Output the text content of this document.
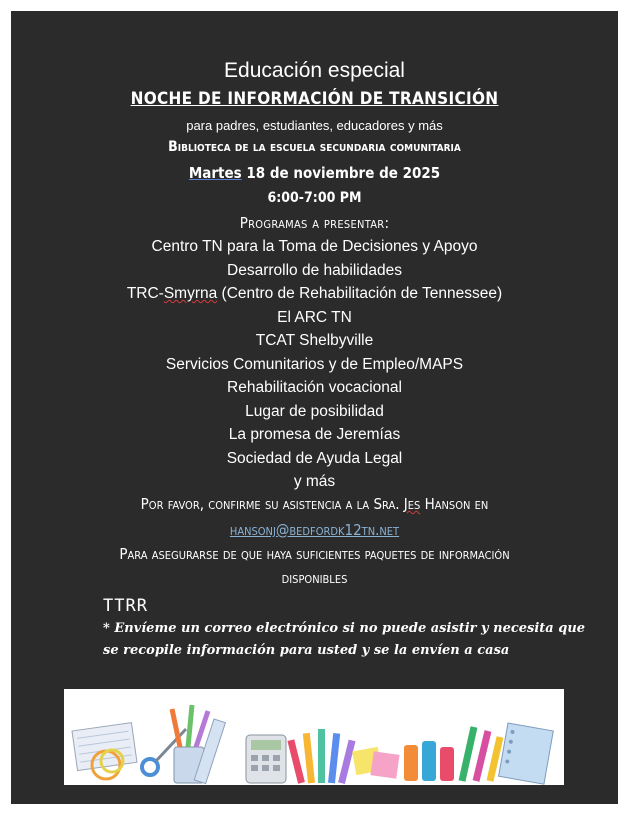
Educación especial
NOCHE DE INFORMACIÓN DE TRANSICIÓN
para padres, estudiantes, educadores y más
Biblioteca de la escuela secundaria comunitaria
Martes 18 de noviembre de 2025
6:00-7:00 PM
Programas a presentar:
Centro TN para la Toma de Decisiones y Apoyo
Desarrollo de habilidades
TRC-Smyrna (Centro de Rehabilitación de Tennessee)
El ARC TN
TCAT Shelbyville
Servicios Comunitarios y de Empleo/MAPS
Rehabilitación vocacional
Lugar de posibilidad
La promesa de Jeremías
Sociedad de Ayuda Legal
y más
Por favor, confirme su asistencia a la Sra. Jes Hanson en
hansonj@bedfordk12tn.net
Para asegurarse de que haya suficientes paquetes de información
disponibles
TTRR
* Envíeme un correo electrónico si no puede asistir y necesita que
se recopile información para usted y se la envíen a casa
